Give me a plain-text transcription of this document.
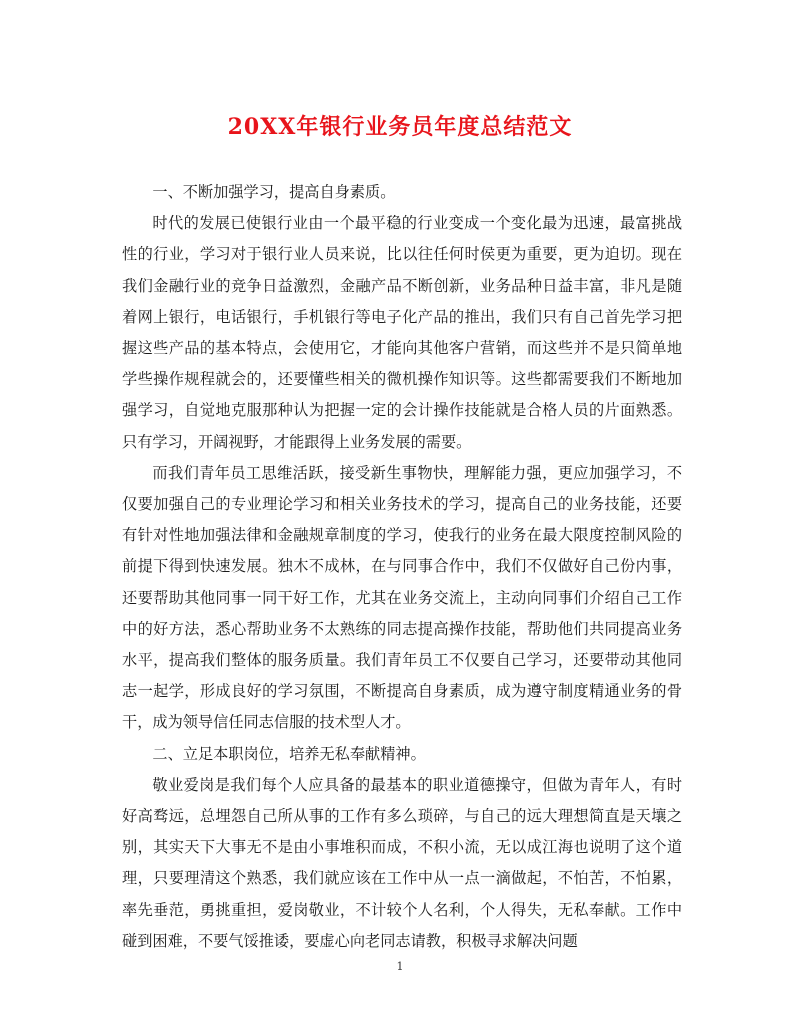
20XX年银行业务员年度总结范文

一、不断加强学习，提高自身素质。

时代的发展已使银行业由一个最平稳的行业变成一个变化最为迅速，最富挑战性的行业，学习对于银行业人员来说，比以往任何时侯更为重要，更为迫切。现在我们金融行业的竞争日益激烈，金融产品不断创新，业务品种日益丰富，非凡是随着网上银行，电话银行，手机银行等电子化产品的推出，我们只有自己首先学习把握这些产品的基本特点，会使用它，才能向其他客户营销，而这些并不是只简单地学些操作规程就会的，还要懂些相关的微机操作知识等。这些都需要我们不断地加强学习，自觉地克服那种认为把握一定的会计操作技能就是合格人员的片面熟悉。只有学习，开阔视野，才能跟得上业务发展的需要。

而我们青年员工思维活跃，接受新生事物快，理解能力强，更应加强学习，不仅要加强自己的专业理论学习和相关业务技术的学习，提高自己的业务技能，还要有针对性地加强法律和金融规章制度的学习，使我行的业务在最大限度控制风险的前提下得到快速发展。独木不成林，在与同事合作中，我们不仅做好自己份内事，还要帮助其他同事一同干好工作，尤其在业务交流上，主动向同事们介绍自己工作中的好方法，悉心帮助业务不太熟练的同志提高操作技能，帮助他们共同提高业务水平，提高我们整体的服务质量。我们青年员工不仅要自己学习，还要带动其他同志一起学，形成良好的学习氛围，不断提高自身素质，成为遵守制度精通业务的骨干，成为领导信任同志信服的技术型人才。

二、立足本职岗位，培养无私奉献精神。

敬业爱岗是我们每个人应具备的最基本的职业道德操守，但做为青年人，有时好高骛远，总埋怨自己所从事的工作有多么琐碎，与自己的远大理想简直是天壤之别，其实天下大事无不是由小事堆积而成，不积小流，无以成江海也说明了这个道理，只要理清这个熟悉，我们就应该在工作中从一点一滴做起，不怕苦，不怕累，率先垂范，勇挑重担，爱岗敬业，不计较个人名利，个人得失，无私奉献。工作中碰到困难，不要气馁推诿，要虚心向老同志请教，积极寻求解决问题

1
